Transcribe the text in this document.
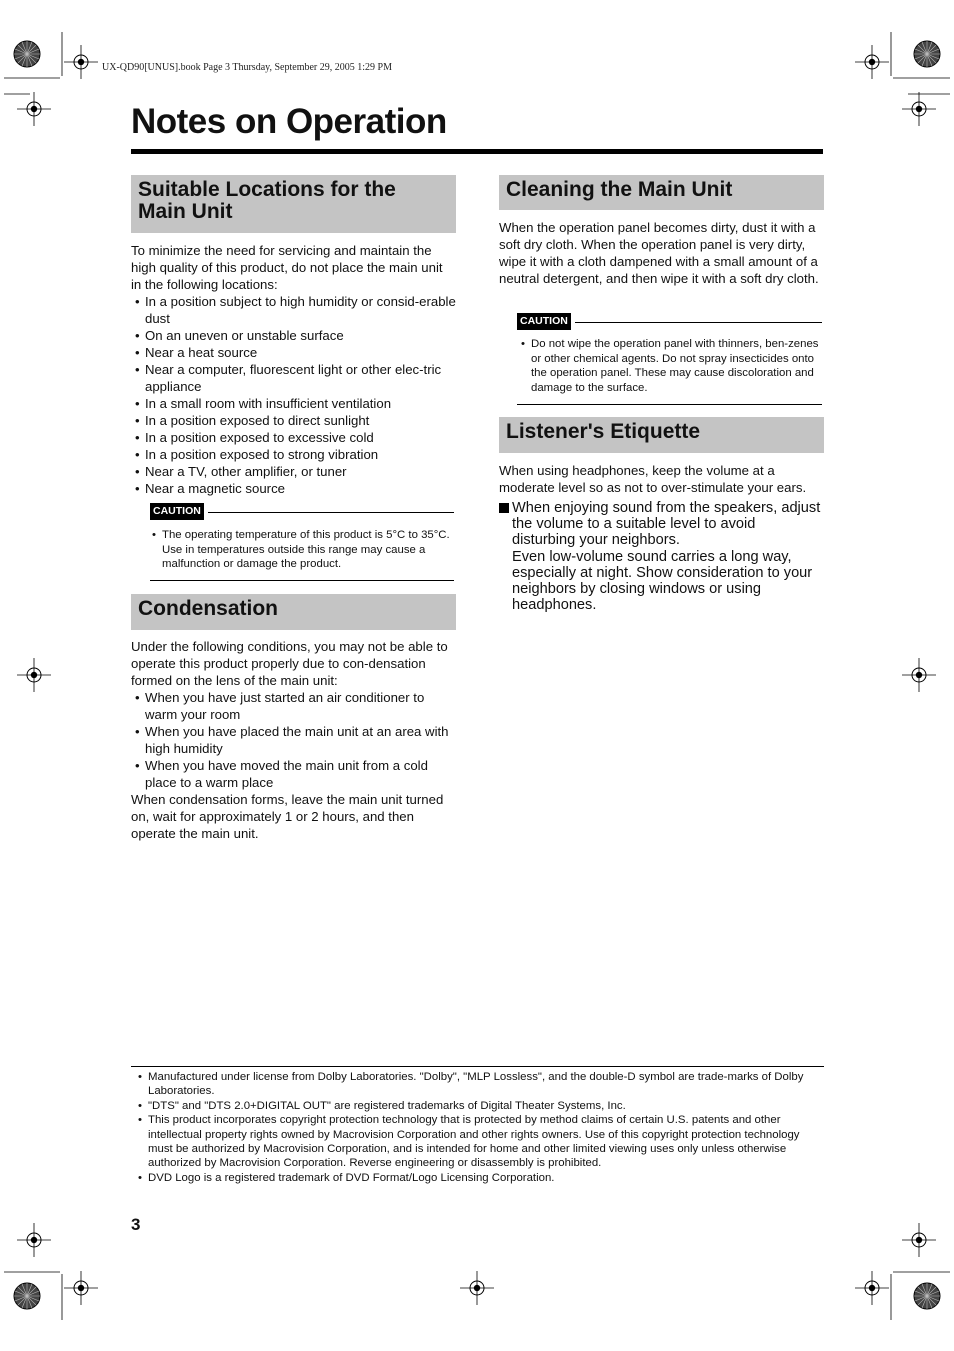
UX-QD90[UNUS].book Page 3 Thursday, September 29, 2005 1:29 PM
Notes on Operation
Suitable Locations for the Main Unit

To minimize the need for servicing and maintain the high quality of this product, do not place the main unit in the following locations:

• In a position subject to high humidity or consid-erable dust
• On an uneven or unstable surface
• Near a heat source
• Near a computer, fluorescent light or other elec-tric appliance
• In a small room with insufficient ventilation
• In a position exposed to direct sunlight
• In a position exposed to excessive cold
• In a position exposed to strong vibration
• Near a TV, other amplifier, or tuner
• Near a magnetic source
CAUTION
• The operating temperature of this product is 5°C to 35°C. Use in temperatures outside this range may cause a malfunction or damage the product.
Condensation

Under the following conditions, you may not be able to operate this product properly due to con-densation formed on the lens of the main unit:

• When you have just started an air conditioner to warm your room
• When you have placed the main unit at an area with high humidity
• When you have moved the main unit from a cold place to a warm place

When condensation forms, leave the main unit turned on, wait for approximately 1 or 2 hours, and then operate the main unit.

Cleaning the Main Unit

When the operation panel becomes dirty, dust it with a soft dry cloth. When the operation panel is very dirty, wipe it with a cloth dampened with a small amount of a neutral detergent, and then wipe it with a soft dry cloth.

CAUTION
• Do not wipe the operation panel with thinners, ben-zenes or other chemical agents. Do not spray insecticides onto the operation panel. These may cause discoloration and damage to the surface.
Listener's Etiquette

When using headphones, keep the volume at a moderate level so as not to over-stimulate your ears.

When enjoying sound from the speakers, adjust the volume to a suitable level to avoid disturbing your neighbors.
Even low-volume sound carries a long way, especially at night. Show consideration to your neighbors by closing windows or using headphones.
• Manufactured under license from Dolby Laboratories. "Dolby", "MLP Lossless", and the double-D symbol are trade-marks of Dolby Laboratories.
• "DTS" and "DTS 2.0+DIGITAL OUT" are registered trademarks of Digital Theater Systems, Inc.
• This product incorporates copyright protection technology that is protected by method claims of certain U.S. patents and other intellectual property rights owned by Macrovision Corporation and other rights owners. Use of this copyright protection technology must be authorized by Macrovision Corporation, and is intended for home and other limited viewing uses only unless otherwise authorized by Macrovision Corporation. Reverse engineering or disassembly is prohibited.
• DVD Logo is a registered trademark of DVD Format/Logo Licensing Corporation.
3
